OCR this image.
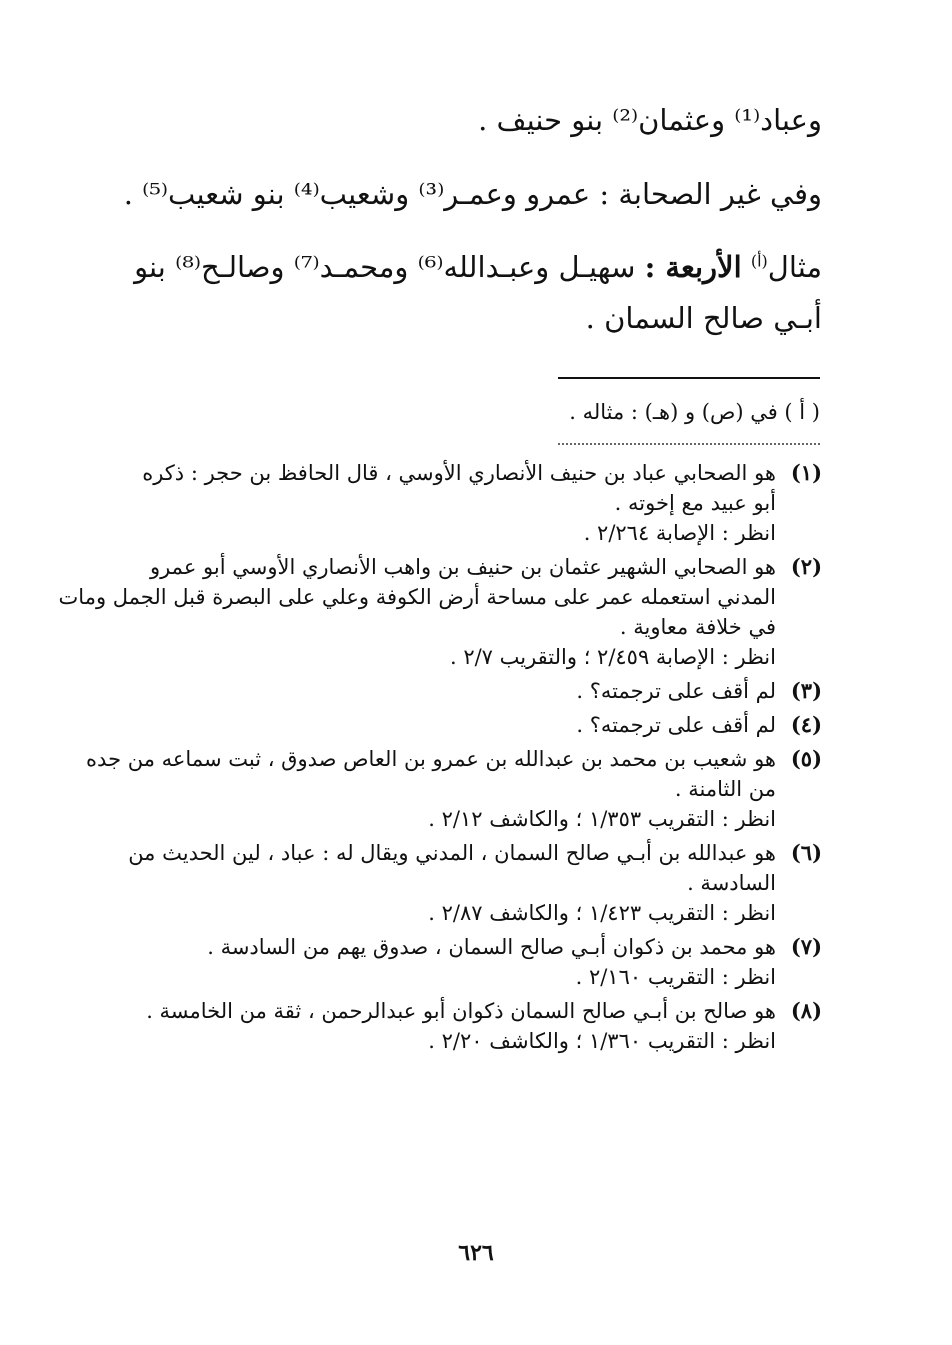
وعباد⁽¹⁾ وعثمان⁽²⁾ بنو حنيف .
وفي غير الصحابة : عمرو وعمـر⁽³⁾ وشعيب⁽⁴⁾ بنو شعيب⁽⁵⁾ .
مثال$^{(أ)}$ الأربعة : سهيـل وعبـدالله⁽⁶⁾ ومحمـد⁽⁷⁾ وصالـح⁽⁸⁾ بنو
أبـي صالح السمان .
( أ ) في (ص) و (هـ) : مثاله .
(١)هو الصحابي عباد بن حنيف الأنصاري الأوسي ، قال الحافظ بن حجر : ذكره
أبو عبيد مع إخوته .
انظر : الإصابة ٢/٢٦٤ .
(٢)هو الصحابي الشهير عثمان بن حنيف بن واهب الأنصاري الأوسي أبو عمرو
المدني استعمله عمر على مساحة أرض الكوفة وعلي على البصرة قبل الجمل ومات
في خلافة معاوية .
انظر : الإصابة ٢/٤٥٩ ؛ والتقريب ٢/٧ .
(٣)لم أقف على ترجمته؟ .
(٤)لم أقف على ترجمته؟ .
(٥)هو شعيب بن محمد بن عبدالله بن عمرو بن العاص صدوق ، ثبت سماعه من جده
من الثامنة .
انظر : التقريب ١/٣٥٣ ؛ والكاشف ٢/١٢ .
(٦)هو عبدالله بن أبـي صالح السمان ، المدني ويقال له : عباد ، لين الحديث من
السادسة .
انظر : التقريب ١/٤٢٣ ؛ والكاشف ٢/٨٧ .
(٧)هو محمد بن ذكوان أبـي صالح السمان ، صدوق يهم من السادسة .
انظر : التقريب ٢/١٦٠ .
(٨)هو صالح بن أبـي صالح السمان ذكوان أبو عبدالرحمن ، ثقة من الخامسة .
انظر : التقريب ١/٣٦٠ ؛ والكاشف ٢/٢٠ .
٦٢٦
